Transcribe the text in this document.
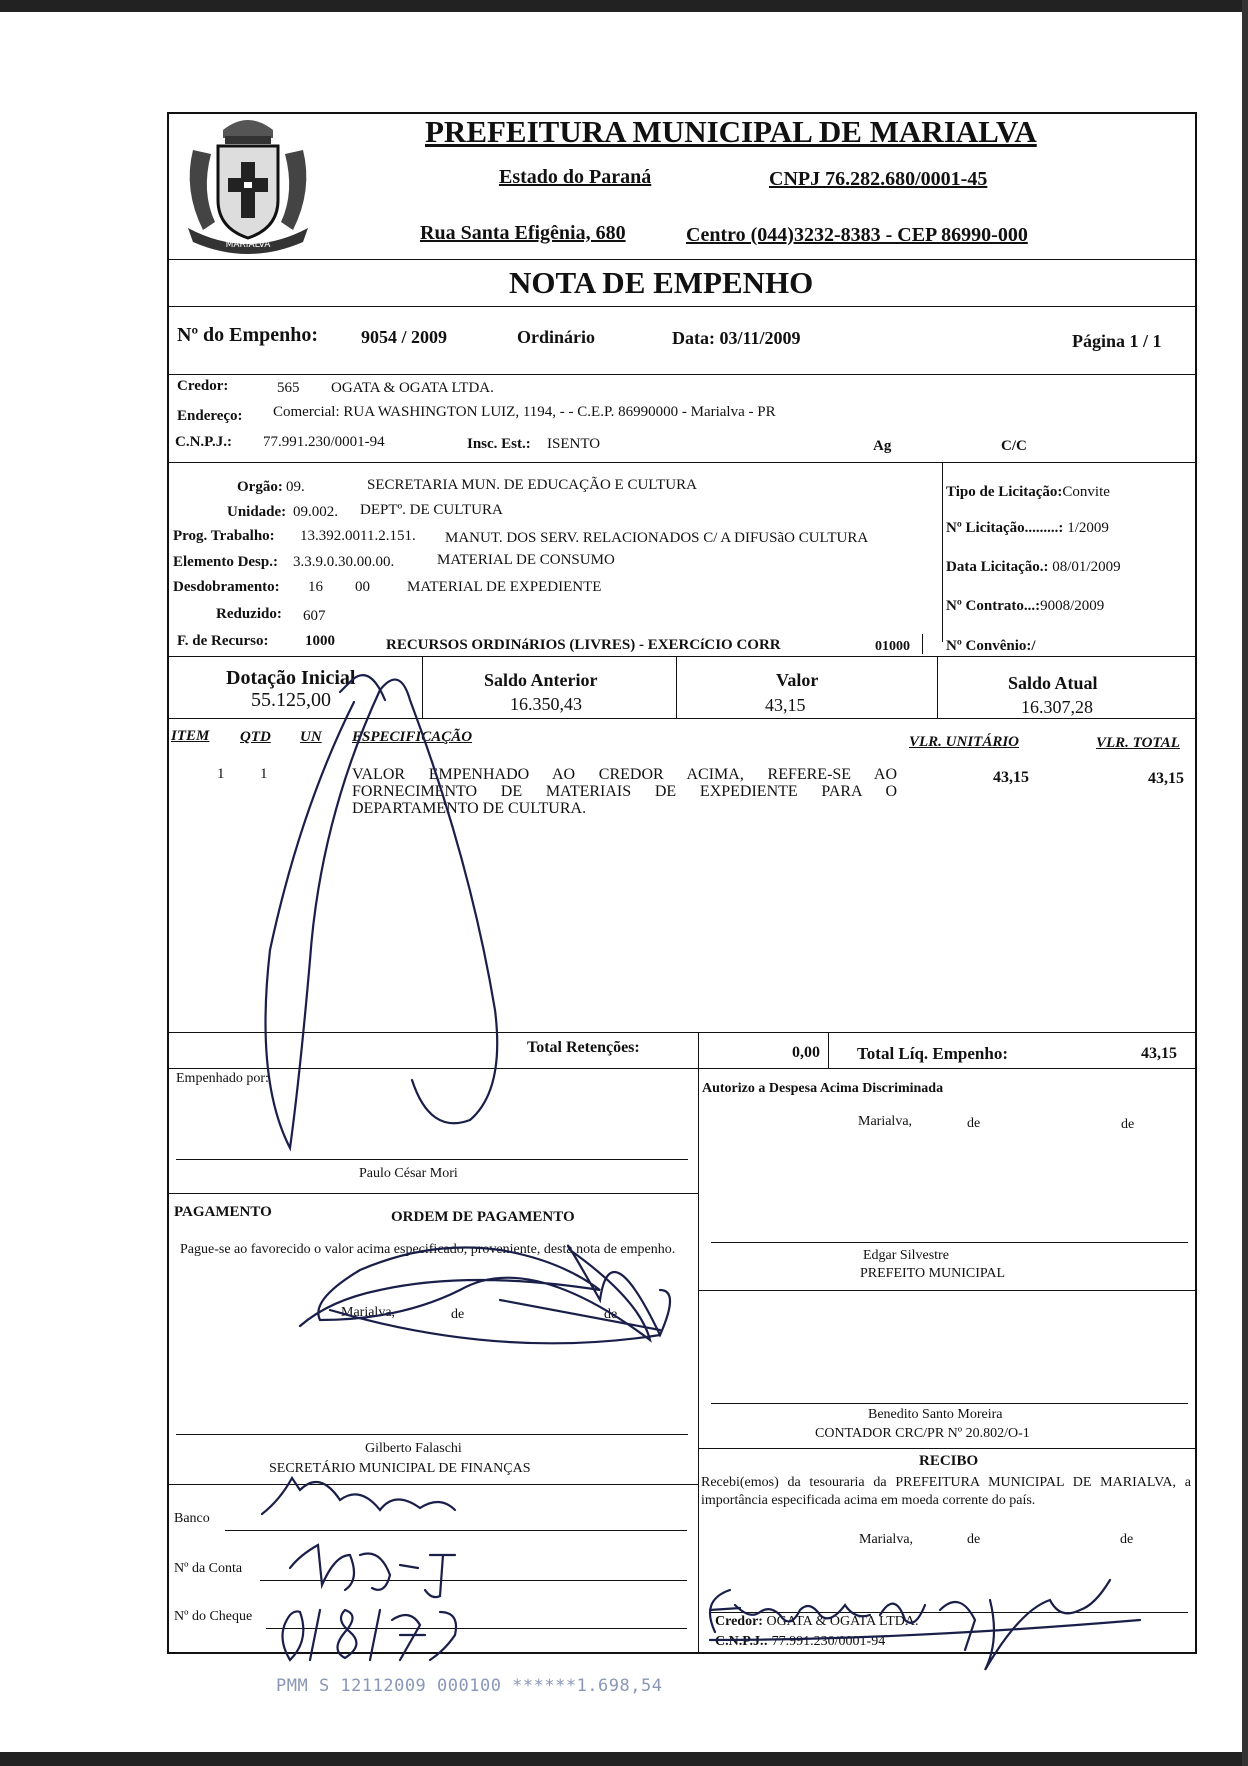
MARIALVA
PREFEITURA MUNICIPAL DE MARIALVA
Estado do Paraná	CNPJ 76.282.680/0001-45
Rua Santa Efigênia, 680	Centro (044)3232-8383 - CEP 86990-000
NOTA DE EMPENHO
Nº do Empenho: 9054 / 2009	Ordinário	Data: 03/11/2009	Página 1 / 1
Credor:	565 OGATA & OGATA LTDA.
Endereço: Comercial: RUA WASHINGTON LUIZ, 1194, - - C.E.P. 86990000 - Marialva - PR
C.N.P.J.: 77.991.230/0001-94	Insc. Est.: ISENTO	Ag	C/C
Orgão: 09.	SECRETARIA MUN. DE EDUCAÇÃO E CULTURA
Unidade: 09.002. DEPTº. DE CULTURA
Prog. Trabalho: 13.392.0011.2.151. MANUT. DOS SERV. RELACIONADOS C/ A DIFUSãO CULTURA
Elemento Desp.: 3.3.9.0.30.00.00.	MATERIAL DE CONSUMO
Desdobramento: 16 00 MATERIAL DE EXPEDIENTE
Reduzido: 607
F. de Recurso: 1000	RECURSOS ORDINáRIOS (LIVRES) - EXERCíCIO CORR	01000
Tipo de Licitação:Convite
Nº Licitação.........: 1/2009
Data Licitação.: 08/01/2009
Nº Contrato...:9008/2009
Nº Convênio:/
Dotação Inicial
55.125,00
Saldo Anterior
16.350,43
Valor
43,15
Saldo Atual
16.307,28
ITEM QTD UN ESPECIFICAÇÃO	VLR. UNITÁRIO	VLR. TOTAL
1 1	VALOR EMPENHADO AO CREDOR ACIMA, REFERE-SE AO FORNECIMENTO DE MATERIAIS DE EXPEDIENTE PARA O DEPARTAMENTO DE CULTURA.
43,15	43,15
Total Retenções:	0,00 Total Líq. Empenho:	43,15
Empenhado por:
Paulo César Mori
PAGAMENTO	ORDEM DE PAGAMENTO
Pague-se ao favorecido o valor acima especificado, proveniente, desta nota de empenho.
Marialva,	de	de
Gilberto Falaschi
SECRETÁRIO MUNICIPAL DE FINANÇAS
Banco
Nº da Conta
Nº do Cheque
Autorizo a Despesa Acima Discriminada
Marialva,	de	de
Edgar Silvestre
PREFEITO MUNICIPAL
Benedito Santo Moreira
CONTADOR CRC/PR Nº 20.802/O-1
RECIBO
Recebi(emos) da tesouraria da PREFEITURA MUNICIPAL DE MARIALVA, a importância especificada acima em moeda corrente do país.
Marialva,	de	de
Credor: OGATA & OGATA LTDA.
C.N.P.J.: 77.991.230/0001-94
PMM S 12112009 000100 ******1.698,54
